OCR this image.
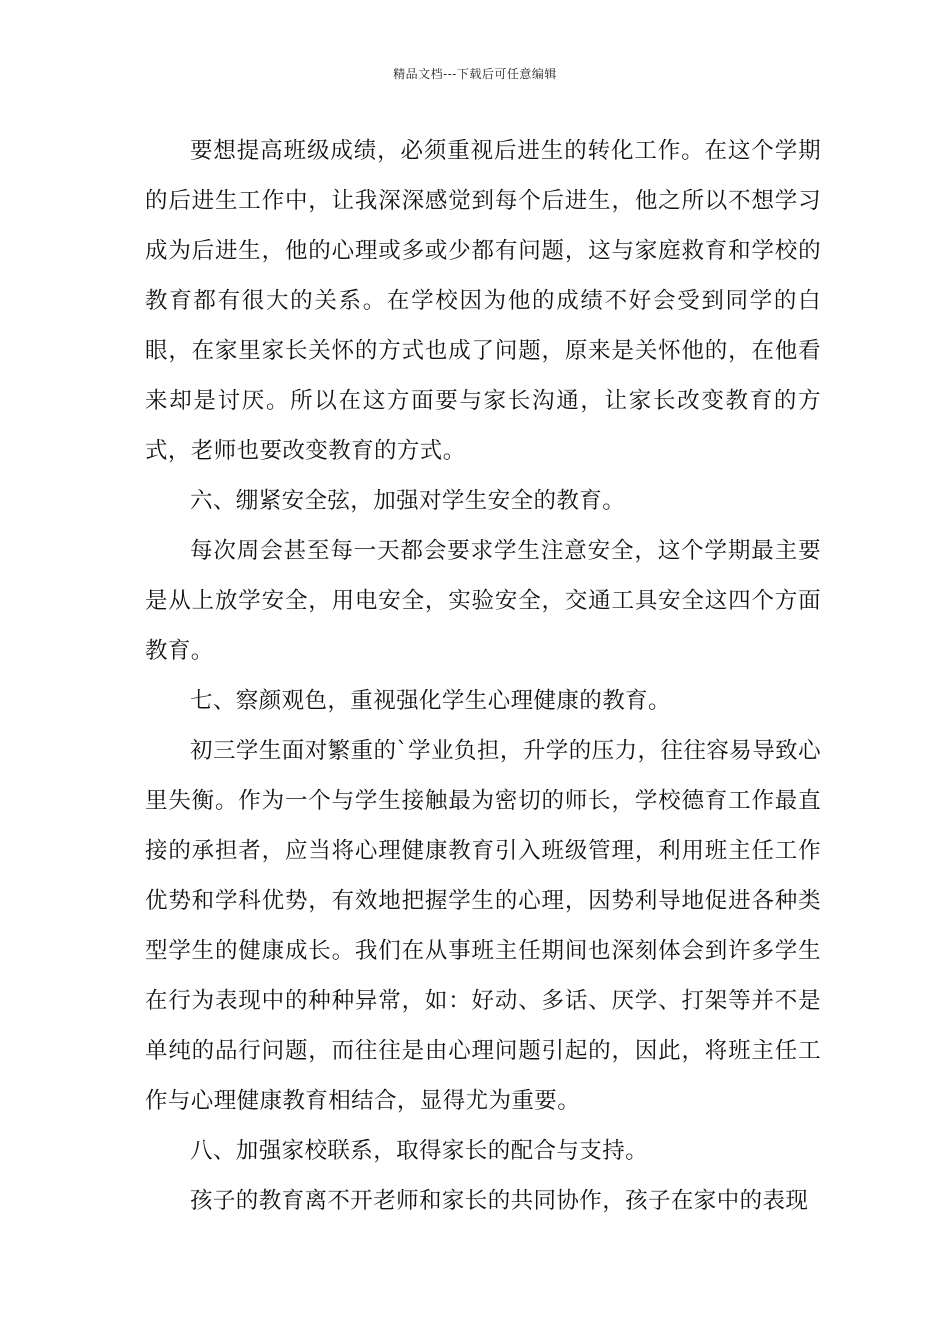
精品文档---下载后可任意编辑

要想提高班级成绩，必须重视后进生的转化工作。在这个学期的后进生工作中，让我深深感觉到每个后进生，他之所以不想学习成为后进生，他的心理或多或少都有问题，这与家庭救育和学校的教育都有很大的关系。在学校因为他的成绩不好会受到同学的白眼，在家里家长关怀的方式也成了问题，原来是关怀他的，在他看来却是讨厌。所以在这方面要与家长沟通，让家长改变教育的方式，老师也要改变教育的方式。

六、绷紧安全弦，加强对学生安全的教育。

每次周会甚至每一天都会要求学生注意安全，这个学期最主要是从上放学安全，用电安全，实验安全，交通工具安全这四个方面教育。

七、察颜观色，重视强化学生心理健康的教育。

初三学生面对繁重的`学业负担，升学的压力，往往容易导致心里失衡。作为一个与学生接触最为密切的师长，学校德育工作最直接的承担者，应当将心理健康教育引入班级管理，利用班主任工作优势和学科优势，有效地把握学生的心理，因势利导地促进各种类型学生的健康成长。我们在从事班主任期间也深刻体会到许多学生在行为表现中的种种异常，如：好动、多话、厌学、打架等并不是单纯的品行问题，而往往是由心理问题引起的，因此，将班主任工作与心理健康教育相结合，显得尤为重要。

八、加强家校联系，取得家长的配合与支持。

孩子的教育离不开老师和家长的共同协作，孩子在家中的表现
